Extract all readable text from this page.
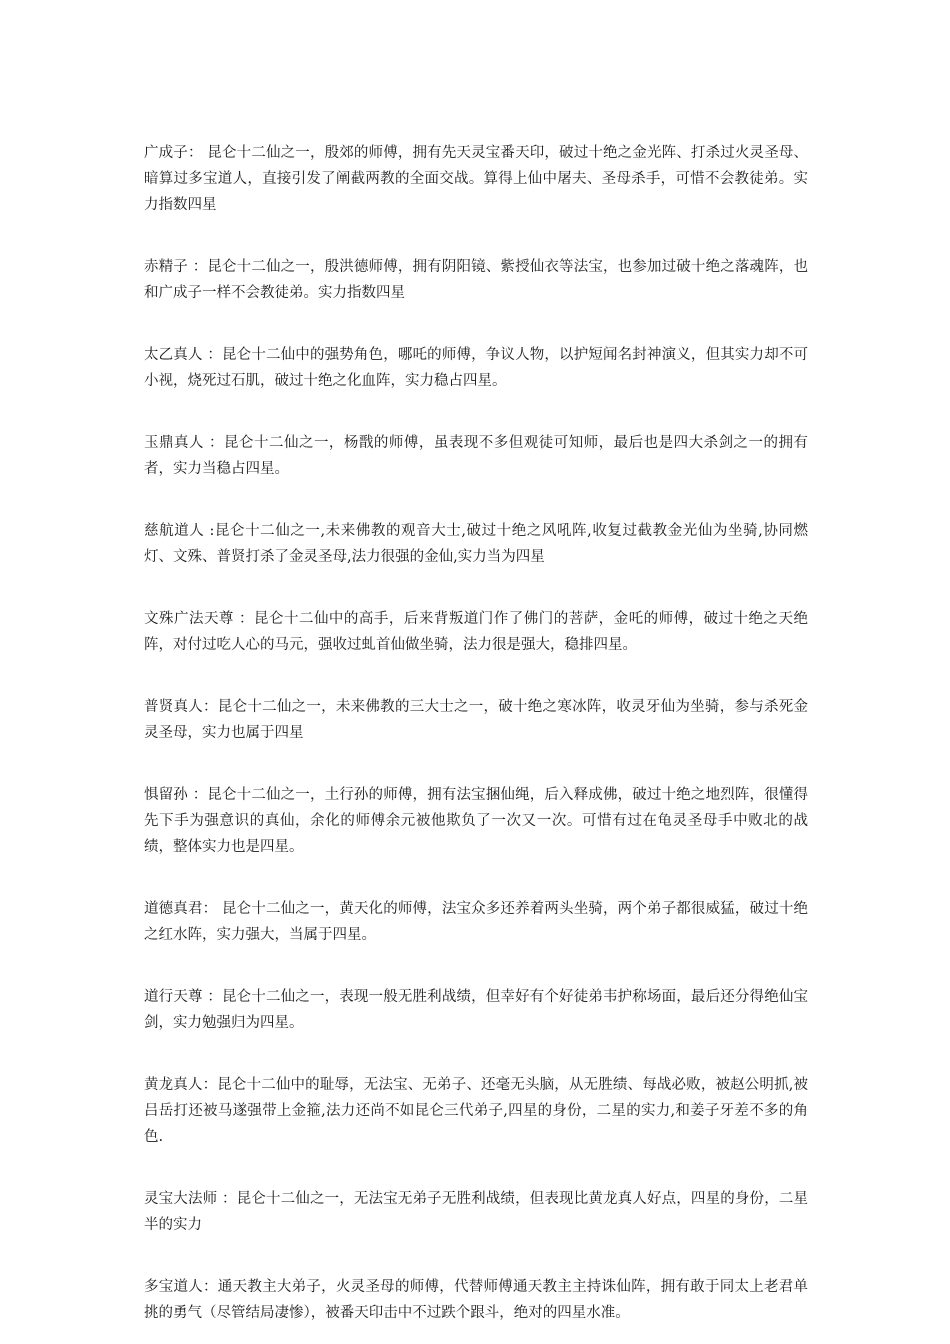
广成子： 昆仑十二仙之一，殷郊的师傅，拥有先天灵宝番天印，破过十绝之金光阵、打杀过火灵圣母、暗算过多宝道人，直接引发了阐截两教的全面交战。算得上仙中屠夫、圣母杀手，可惜不会教徒弟。实力指数四星

赤精子 ：昆仑十二仙之一，殷洪德师傅，拥有阴阳镜、紫授仙衣等法宝，也参加过破十绝之落魂阵，也和广成子一样不会教徒弟。实力指数四星

太乙真人 ：昆仑十二仙中的强势角色，哪吒的师傅，争议人物，以护短闻名封神演义，但其实力却不可小视，烧死过石肌，破过十绝之化血阵，实力稳占四星。

玉鼎真人 ：昆仑十二仙之一，杨戬的师傅，虽表现不多但观徒可知师，最后也是四大杀剑之一的拥有者，实力当稳占四星。

慈航道人 :昆仑十二仙之一,未来佛教的观音大士,破过十绝之风吼阵,收复过截教金光仙为坐骑,协同燃灯、文殊、普贤打杀了金灵圣母,法力很强的金仙,实力当为四星

文殊广法天尊 ：昆仑十二仙中的高手，后来背叛道门作了佛门的菩萨，金吒的师傅，破过十绝之天绝阵，对付过吃人心的马元，强收过虬首仙做坐骑，法力很是强大，稳排四星。

普贤真人：昆仑十二仙之一，未来佛教的三大士之一，破十绝之寒冰阵，收灵牙仙为坐骑，参与杀死金灵圣母，实力也属于四星

惧留孙 ：昆仑十二仙之一，土行孙的师傅，拥有法宝捆仙绳，后入释成佛，破过十绝之地烈阵，很懂得先下手为强意识的真仙，余化的师傅余元被他欺负了一次又一次。可惜有过在龟灵圣母手中败北的战绩，整体实力也是四星。

道德真君： 昆仑十二仙之一，黄天化的师傅，法宝众多还养着两头坐骑，两个弟子都很威猛，破过十绝之红水阵，实力强大，当属于四星。

道行天尊 ：昆仑十二仙之一，表现一般无胜利战绩，但幸好有个好徒弟韦护称场面，最后还分得绝仙宝剑，实力勉强归为四星。

黄龙真人：昆仑十二仙中的耻辱，无法宝、无弟子、还毫无头脑，从无胜绩、每战必败，被赵公明抓,被吕岳打还被马遂强带上金箍,法力还尚不如昆仑三代弟子,四星的身份，二星的实力,和姜子牙差不多的角色.

灵宝大法师 ：昆仑十二仙之一，无法宝无弟子无胜利战绩，但表现比黄龙真人好点，四星的身份，二星半的实力

多宝道人：通天教主大弟子，火灵圣母的师傅，代替师傅通天教主主持诛仙阵，拥有敢于同太上老君单挑的勇气（尽管结局凄惨），被番天印击中不过跌个跟斗，绝对的四星水准。
